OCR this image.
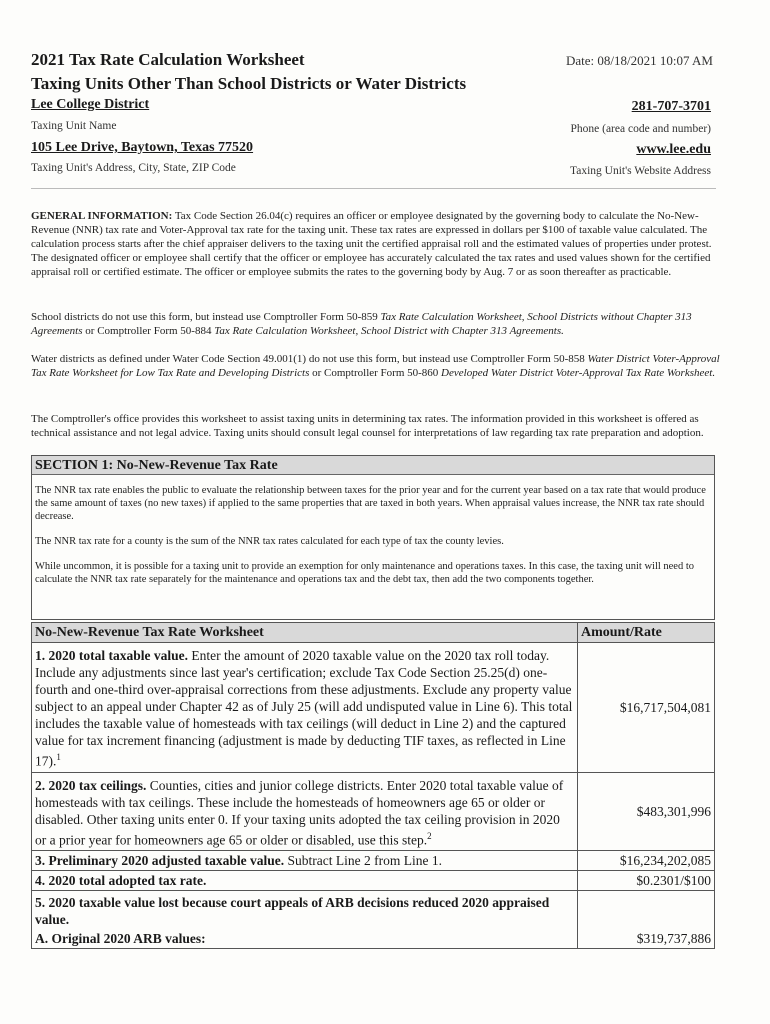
2021 Tax Rate Calculation Worksheet
Taxing Units Other Than School Districts or Water Districts
Date: 08/18/2021 10:07 AM
Lee College District
Taxing Unit Name
281-707-3701
Phone (area code and number)
105 Lee Drive, Baytown, Texas 77520
Taxing Unit's Address, City, State, ZIP Code
www.lee.edu
Taxing Unit's Website Address
GENERAL INFORMATION: Tax Code Section 26.04(c) requires an officer or employee designated by the governing body to calculate the No-New-Revenue (NNR) tax rate and Voter-Approval tax rate for the taxing unit. These tax rates are expressed in dollars per $100 of taxable value calculated. The calculation process starts after the chief appraiser delivers to the taxing unit the certified appraisal roll and the estimated values of properties under protest. The designated officer or employee shall certify that the officer or employee has accurately calculated the tax rates and used values shown for the certified appraisal roll or certified estimate. The officer or employee submits the rates to the governing body by Aug. 7 or as soon thereafter as practicable.
School districts do not use this form, but instead use Comptroller Form 50-859 Tax Rate Calculation Worksheet, School Districts without Chapter 313 Agreements or Comptroller Form 50-884 Tax Rate Calculation Worksheet, School District with Chapter 313 Agreements.
Water districts as defined under Water Code Section 49.001(1) do not use this form, but instead use Comptroller Form 50-858 Water District Voter-Approval Tax Rate Worksheet for Low Tax Rate and Developing Districts or Comptroller Form 50-860 Developed Water District Voter-Approval Tax Rate Worksheet.
The Comptroller's office provides this worksheet to assist taxing units in determining tax rates. The information provided in this worksheet is offered as technical assistance and not legal advice. Taxing units should consult legal counsel for interpretations of law regarding tax rate preparation and adoption.
SECTION 1: No-New-Revenue Tax Rate
The NNR tax rate enables the public to evaluate the relationship between taxes for the prior year and for the current year based on a tax rate that would produce the same amount of taxes (no new taxes) if applied to the same properties that are taxed in both years. When appraisal values increase, the NNR tax rate should decrease.
The NNR tax rate for a county is the sum of the NNR tax rates calculated for each type of tax the county levies.
While uncommon, it is possible for a taxing unit to provide an exemption for only maintenance and operations taxes. In this case, the taxing unit will need to calculate the NNR tax rate separately for the maintenance and operations tax and the debt tax, then add the two components together.
No-New-Revenue Tax Rate Worksheet	Amount/Rate
1. 2020 total taxable value. Enter the amount of 2020 taxable value on the 2020 tax roll today. Include any adjustments since last year's certification; exclude Tax Code Section 25.25(d) one-fourth and one-third over-appraisal corrections from these adjustments. Exclude any property value subject to an appeal under Chapter 42 as of July 25 (will add undisputed value in Line 6). This total includes the taxable value of homesteads with tax ceilings (will deduct in Line 2) and the captured value for tax increment financing (adjustment is made by deducting TIF taxes, as reflected in Line 17).$^1$	$16,717,504,081
2. 2020 tax ceilings. Counties, cities and junior college districts. Enter 2020 total taxable value of homesteads with tax ceilings. These include the homesteads of homeowners age 65 or older or disabled. Other taxing units enter 0. If your taxing units adopted the tax ceiling provision in 2020 or a prior year for homeowners age 65 or older or disabled, use this step.$^2$	$483,301,996
3. Preliminary 2020 adjusted taxable value. Subtract Line 2 from Line 1.	$16,234,202,085
4. 2020 total adopted tax rate.	$0.2301/$100
5. 2020 taxable value lost because court appeals of ARB decisions reduced 2020 appraised value.	
A. Original 2020 ARB values:	$319,737,886
